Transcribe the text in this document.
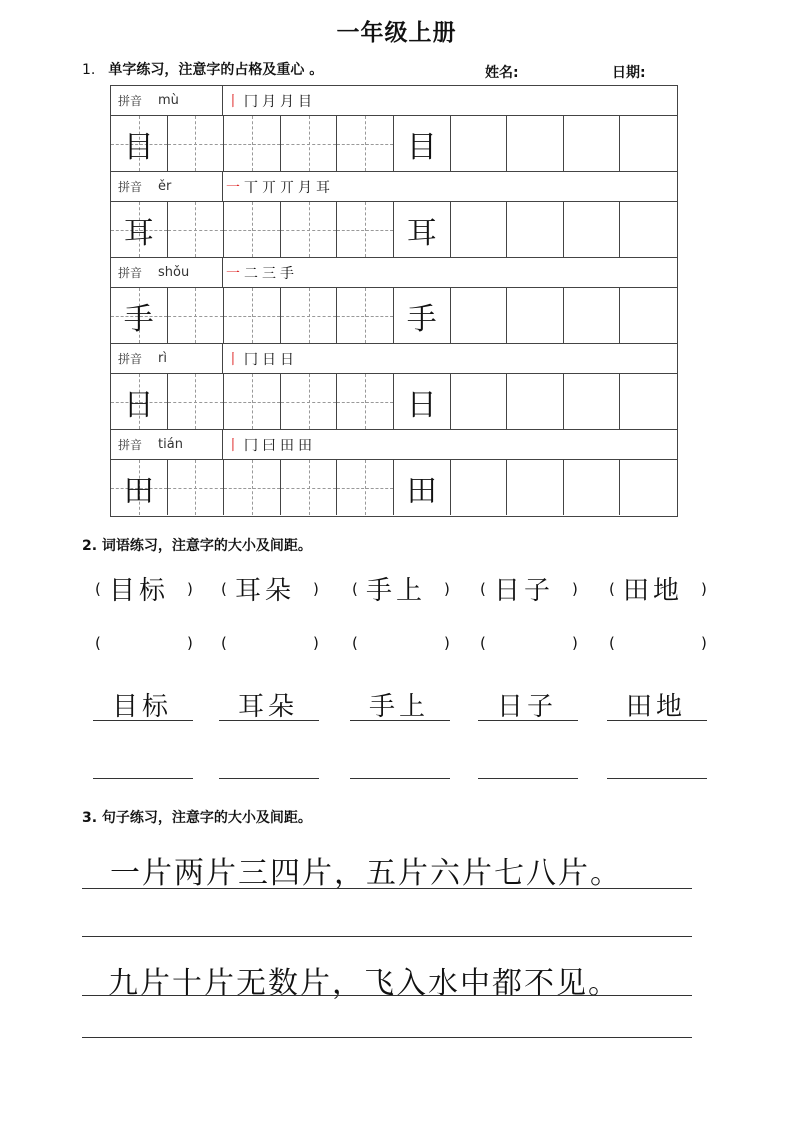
一年级上册
1. 单字练习，注意字的占格及重心 。	姓名:	日期:
拼音 mù	丨 冂 月 月 目
目	目
拼音 ěr	一 丅 丌 丌 月 耳
耳	耳
拼音 shǒu	一 二 三 手
手	手
拼音 rì	丨 冂 日 日
日	日
拼音 tián	丨 冂 曰 田 田
田	田
2. 词语练习，注意字的大小及间距。
( 目标 )
(	)
目标
( 耳朵 )
(	)
耳朵
( 手上 )
(	)
手上
( 日子 )
(	)
日子
( 田地 )
(	)
田地
3. 句子练习，注意字的大小及间距。
一片两片三四片，五片六片七八片。
九片十片无数片，飞入水中都不见。
